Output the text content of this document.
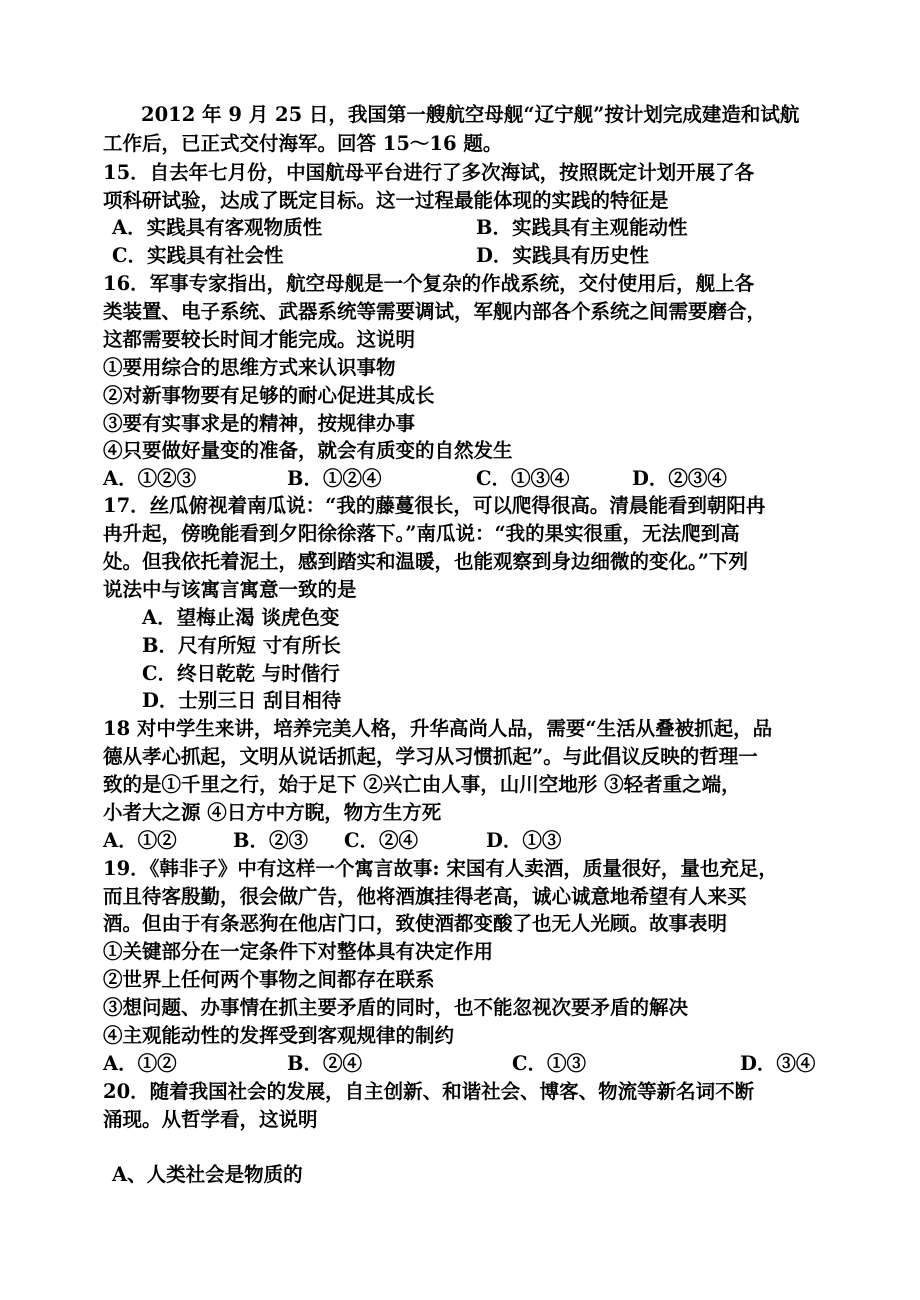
2012 年 9 月 25 日，我国第一艘航空母舰“辽宁舰”按计划完成建造和试航
工作后，已正式交付海军。回答 15～16 题。
15．自去年七月份，中国航母平台进行了多次海试，按照既定计划开展了各
项科研试验，达成了既定目标。这一过程最能体现的实践的特征是
A．实践具有客观物质性	B．实践具有主观能动性
C．实践具有社会性	D．实践具有历史性
16．军事专家指出，航空母舰是一个复杂的作战系统，交付使用后，舰上各
类装置、电子系统、武器系统等需要调试，军舰内部各个系统之间需要磨合，
这都需要较长时间才能完成。这说明
①要用综合的思维方式来认识事物
②对新事物要有足够的耐心促进其成长
③要有实事求是的精神，按规律办事
④只要做好量变的准备，就会有质变的自然发生
A．①②③	B．①②④	C．①③④	D．②③④
17．丝瓜俯视着南瓜说：“我的藤蔓很长，可以爬得很高。清晨能看到朝阳冉
冉升起，傍晚能看到夕阳徐徐落下。”南瓜说：“我的果实很重，无法爬到高
处。但我依托着泥土，感到踏实和温暖，也能观察到身边细微的变化。”下列
说法中与该寓言寓意一致的是
A．望梅止渴 谈虎色变
B．尺有所短 寸有所长
C．终日乾乾 与时偕行
D．士别三日 刮目相待
18 对中学生来讲，培养完美人格，升华高尚人品，需要“生活从叠被抓起，品
德从孝心抓起，文明从说话抓起，学习从习惯抓起”。与此倡议反映的哲理一
致的是①千里之行，始于足下 ②兴亡由人事，山川空地形 ③轻者重之端，
小者大之源 ④日方中方睨，物方生方死
A．①②	B．②③	C．②④	D．①③
19．《韩非子》中有这样一个寓言故事: 宋国有人卖酒，质量很好，量也充足，
而且待客殷勤，很会做广告，他将酒旗挂得老高，诚心诚意地希望有人来买
酒。但由于有条恶狗在他店门口，致使酒都变酸了也无人光顾。故事表明
①关键部分在一定条件下对整体具有决定作用
②世界上任何两个事物之间都存在联系
③想问题、办事情在抓主要矛盾的同时，也不能忽视次要矛盾的解决
④主观能动性的发挥受到客观规律的制约
A．①②	B．②④	C．①③	D．③④
20．随着我国社会的发展，自主创新、和谐社会、博客、物流等新名词不断
涌现。从哲学看，这说明
A、人类社会是物质的
